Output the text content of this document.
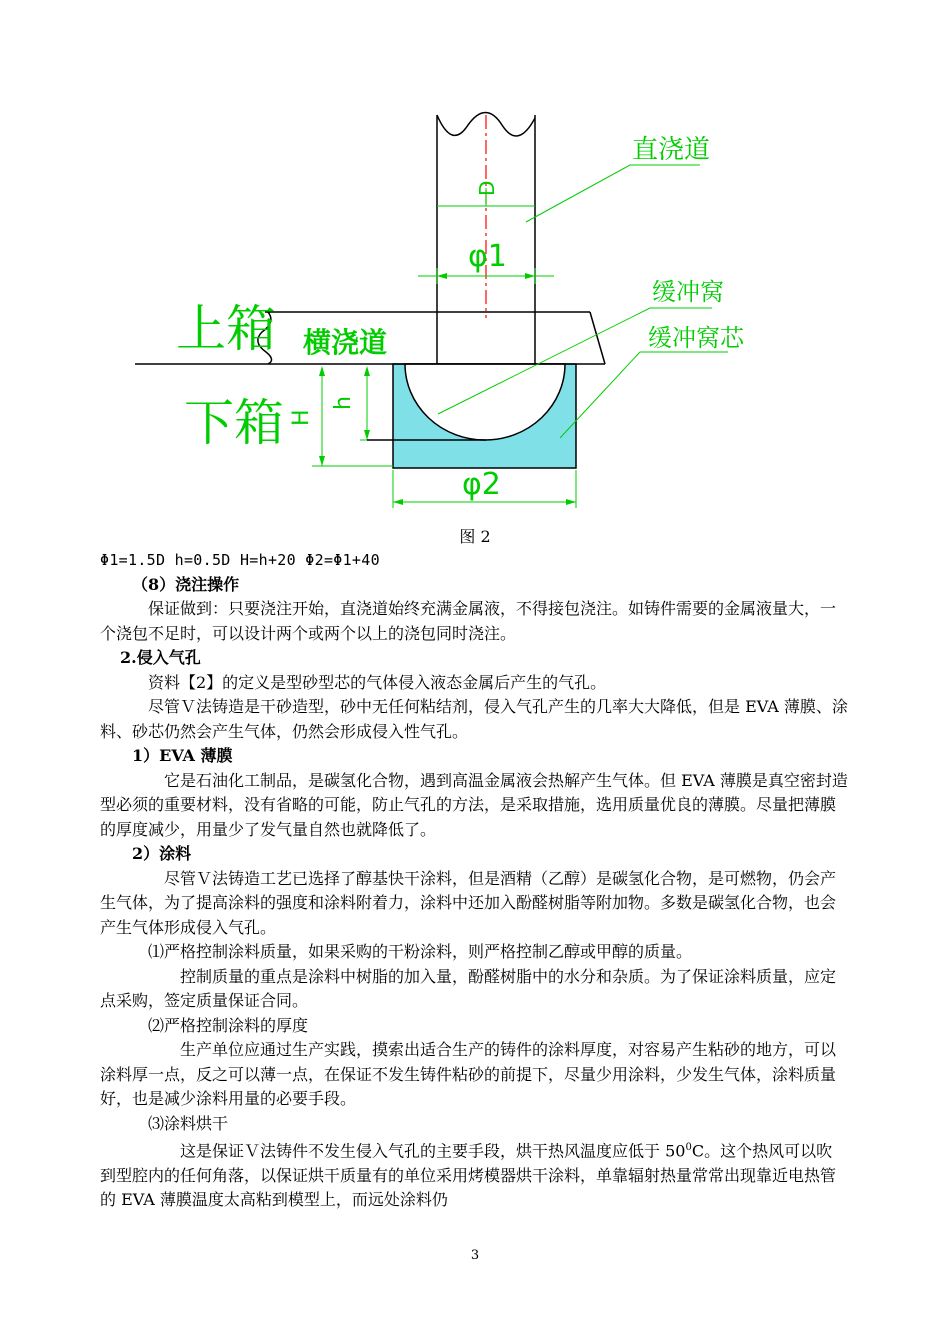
直浇道
缓冲窝
缓冲窝芯
上箱 横浇道
下箱
D
φ1
φ2
H
h
图 2

Φ1=1.5D h=0.5D H=h+20 Φ2=Φ1+40

（8）浇注操作

保证做到：只要浇注开始，直浇道始终充满金属液，不得接包浇注。如铸件需要的金属液量大，一个浇包不足时，可以设计两个或两个以上的浇包同时浇注。

2.侵入气孔

资料【2】的定义是型砂型芯的气体侵入液态金属后产生的气孔。

尽管Ｖ法铸造是干砂造型，砂中无任何粘结剂，侵入气孔产生的几率大大降低，但是 EVA 薄膜、涂料、砂芯仍然会产生气体，仍然会形成侵入性气孔。

1）EVA 薄膜

它是石油化工制品，是碳氢化合物，遇到高温金属液会热解产生气体。但 EVA 薄膜是真空密封造型必须的重要材料，没有省略的可能，防止气孔的方法，是采取措施，选用质量优良的薄膜。尽量把薄膜的厚度减少，用量少了发气量自然也就降低了。

2）涂料

尽管Ｖ法铸造工艺已选择了醇基快干涂料，但是酒精（乙醇）是碳氢化合物，是可燃物，仍会产生气体，为了提高涂料的强度和涂料附着力，涂料中还加入酚醛树脂等附加物。多数是碳氢化合物，也会产生气体形成侵入气孔。

⑴严格控制涂料质量，如果采购的干粉涂料，则严格控制乙醇或甲醇的质量。

控制质量的重点是涂料中树脂的加入量，酚醛树脂中的水分和杂质。为了保证涂料质量，应定点采购，签定质量保证合同。

⑵严格控制涂料的厚度

生产单位应通过生产实践，摸索出适合生产的铸件的涂料厚度，对容易产生粘砂的地方，可以涂料厚一点，反之可以薄一点，在保证不发生铸件粘砂的前提下，尽量少用涂料，少发生气体，涂料质量好，也是减少涂料用量的必要手段。

⑶涂料烘干

这是保证Ｖ法铸件不发生侵入气孔的主要手段，烘干热风温度应低于 $50^0C$。这个热风可以吹到型腔内的任何角落，以保证烘干质量有的单位采用烤模器烘干涂料，单靠辐射热量常常出现靠近电热管的 EVA 薄膜温度太高粘到模型上，而远处涂料仍

3
